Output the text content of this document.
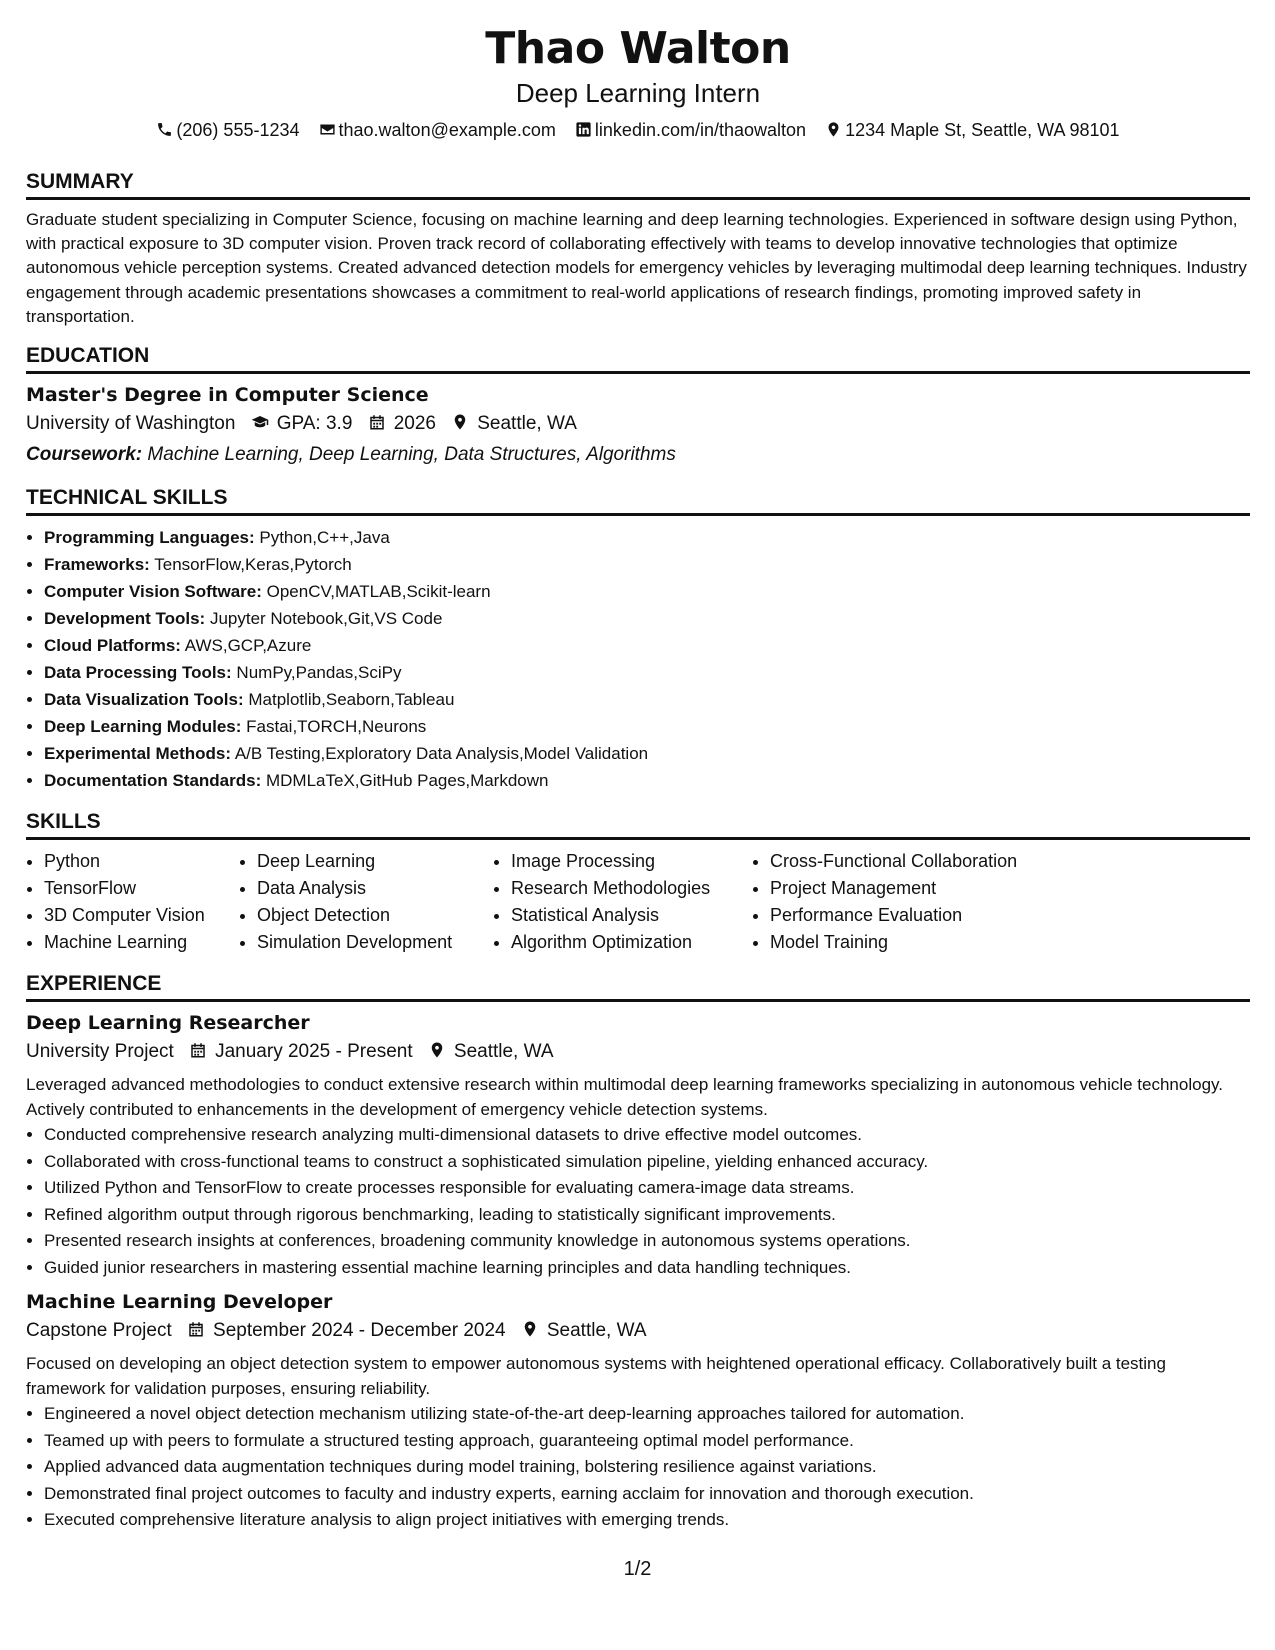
Thao Walton
Deep Learning Intern
(206) 555-1234 thao.walton@example.com linkedin.com/in/thaowalton 1234 Maple St, Seattle, WA 98101
SUMMARY
Graduate student specializing in Computer Science, focusing on machine learning and deep learning technologies. Experienced in software design using Python, with practical exposure to 3D computer vision. Proven track record of collaborating effectively with teams to develop innovative technologies that optimize autonomous vehicle perception systems. Created advanced detection models for emergency vehicles by leveraging multimodal deep learning techniques. Industry engagement through academic presentations showcases a commitment to real-world applications of research findings, promoting improved safety in transportation.
EDUCATION
Master's Degree in Computer Science
University of Washington GPA: 3.9 2026 Seattle, WA
Coursework: Machine Learning, Deep Learning, Data Structures, Algorithms
TECHNICAL SKILLS
• Programming Languages: Python,C++,Java
• Frameworks: TensorFlow,Keras,Pytorch
• Computer Vision Software: OpenCV,MATLAB,Scikit-learn
• Development Tools: Jupyter Notebook,Git,VS Code
• Cloud Platforms: AWS,GCP,Azure
• Data Processing Tools: NumPy,Pandas,SciPy
• Data Visualization Tools: Matplotlib,Seaborn,Tableau
• Deep Learning Modules: Fastai,TORCH,Neurons
• Experimental Methods: A/B Testing,Exploratory Data Analysis,Model Validation
• Documentation Standards: MDMLaTeX,GitHub Pages,Markdown
SKILLS
• Python
• TensorFlow
• 3D Computer Vision
• Machine Learning
• Deep Learning
• Data Analysis
• Object Detection
• Simulation Development
• Image Processing
• Research Methodologies
• Statistical Analysis
• Algorithm Optimization
• Cross-Functional Collaboration
• Project Management
• Performance Evaluation
• Model Training
EXPERIENCE
Deep Learning Researcher
University Project January 2025 - Present Seattle, WA
Leveraged advanced methodologies to conduct extensive research within multimodal deep learning frameworks specializing in autonomous vehicle technology. Actively contributed to enhancements in the development of emergency vehicle detection systems.
• Conducted comprehensive research analyzing multi-dimensional datasets to drive effective model outcomes.
• Collaborated with cross-functional teams to construct a sophisticated simulation pipeline, yielding enhanced accuracy.
• Utilized Python and TensorFlow to create processes responsible for evaluating camera-image data streams.
• Refined algorithm output through rigorous benchmarking, leading to statistically significant improvements.
• Presented research insights at conferences, broadening community knowledge in autonomous systems operations.
• Guided junior researchers in mastering essential machine learning principles and data handling techniques.
Machine Learning Developer
Capstone Project September 2024 - December 2024 Seattle, WA
Focused on developing an object detection system to empower autonomous systems with heightened operational efficacy. Collaboratively built a testing framework for validation purposes, ensuring reliability.
• Engineered a novel object detection mechanism utilizing state-of-the-art deep-learning approaches tailored for automation.
• Teamed up with peers to formulate a structured testing approach, guaranteeing optimal model performance.
• Applied advanced data augmentation techniques during model training, bolstering resilience against variations.
• Demonstrated final project outcomes to faculty and industry experts, earning acclaim for innovation and thorough execution.
• Executed comprehensive literature analysis to align project initiatives with emerging trends.
1/2
